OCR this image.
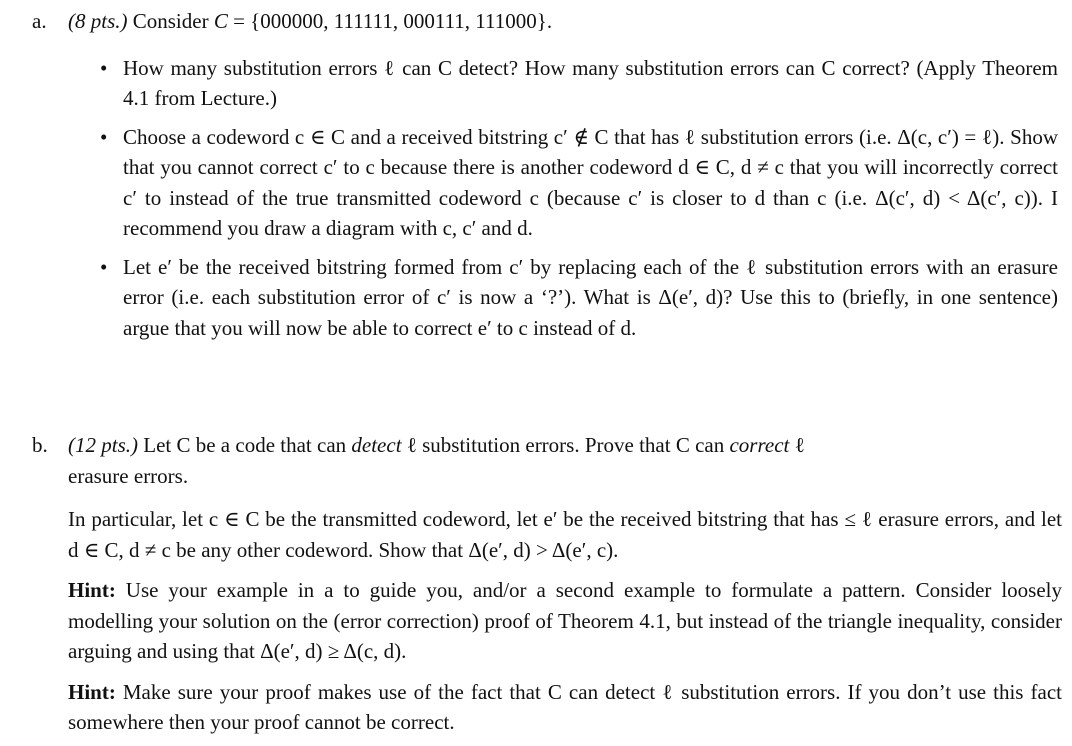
a. (8 pts.) Consider C = {000000, 111111, 000111, 111000}.
• How many substitution errors ℓ can C detect? How many substitution errors can C correct? (Apply Theorem 4.1 from Lecture.)
• Choose a codeword c ∈ C and a received bitstring c′ ∉ C that has ℓ substitution errors (i.e. Δ(c, c′) = ℓ). Show that you cannot correct c′ to c because there is another codeword d ∈ C, d ≠ c that you will incorrectly correct c′ to instead of the true transmitted codeword c (because c′ is closer to d than c (i.e. Δ(c′, d) < Δ(c′, c)). I recommend you draw a diagram with c, c′ and d.
• Let e′ be the received bitstring formed from c′ by replacing each of the ℓ substitution errors with an erasure error (i.e. each substitution error of c′ is now a ‘?’). What is Δ(e′, d)? Use this to (briefly, in one sentence) argue that you will now be able to correct e′ to c instead of d.
b. (12 pts.) Let C be a code that can detect ℓ substitution errors. Prove that C can correct ℓ
erasure errors.

In particular, let c ∈ C be the transmitted codeword, let e′ be the received bitstring that has ≤ ℓ erasure errors, and let d ∈ C, d ≠ c be any other codeword. Show that Δ(e′, d) > Δ(e′, c).

Hint: Use your example in a to guide you, and/or a second example to formulate a pattern. Consider loosely modelling your solution on the (error correction) proof of Theorem 4.1, but instead of the triangle inequality, consider arguing and using that Δ(e′, d) ≥ Δ(c, d).

Hint: Make sure your proof makes use of the fact that C can detect ℓ substitution errors. If you don’t use this fact somewhere then your proof cannot be correct.
